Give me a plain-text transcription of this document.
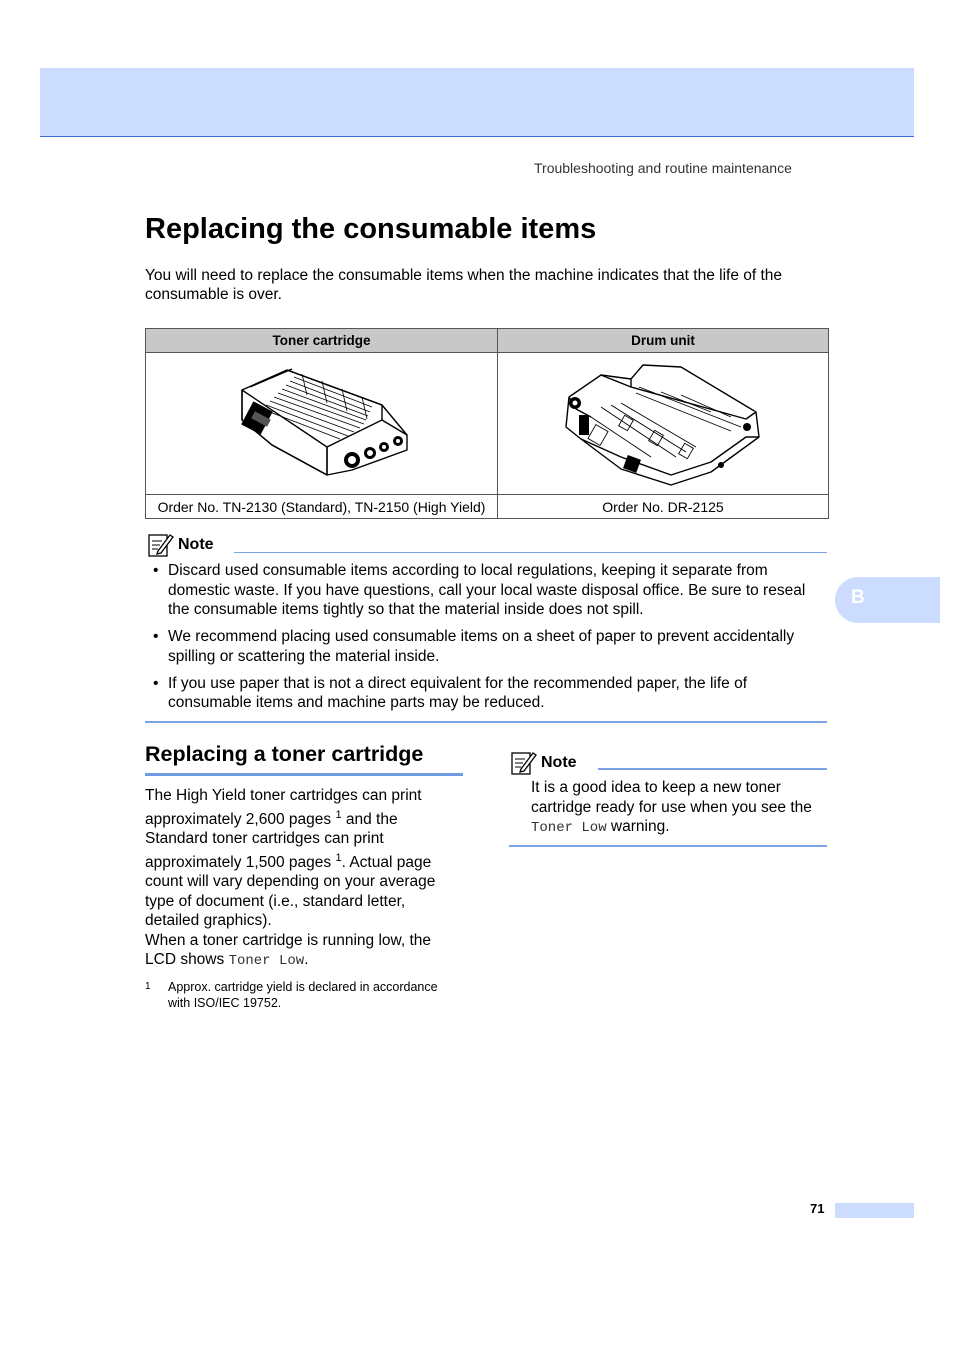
Troubleshooting and routine maintenance
Replacing the consumable items

You will need to replace the consumable items when the machine indicates that the life of the consumable is over.

Toner cartridge	Drum unit

Order No. TN-2130 (Standard), TN-2150 (High Yield)	Order No. DR-2125
Note
• Discard used consumable items according to local regulations, keeping it separate from domestic waste. If you have questions, call your local waste disposal office. Be sure to reseal the consumable items tightly so that the material inside does not spill.
• We recommend placing used consumable items on a sheet of paper to prevent accidentally spilling or scattering the material inside.
• If you use paper that is not a direct equivalent for the recommended paper, the life of consumable items and machine parts may be reduced.
Replacing a toner cartridge

The High Yield toner cartridges can print approximately 2,600 pages $^1$ and the Standard toner cartridges can print approximately 1,500 pages $^1$. Actual page count will vary depending on your average type of document (i.e., standard letter, detailed graphics).

When a toner cartridge is running low, the LCD shows Toner Low.

1 Approx. cartridge yield is declared in accordance with ISO/IEC 19752.
Note

It is a good idea to keep a new toner cartridge ready for use when you see the Toner Low warning.

B
71
